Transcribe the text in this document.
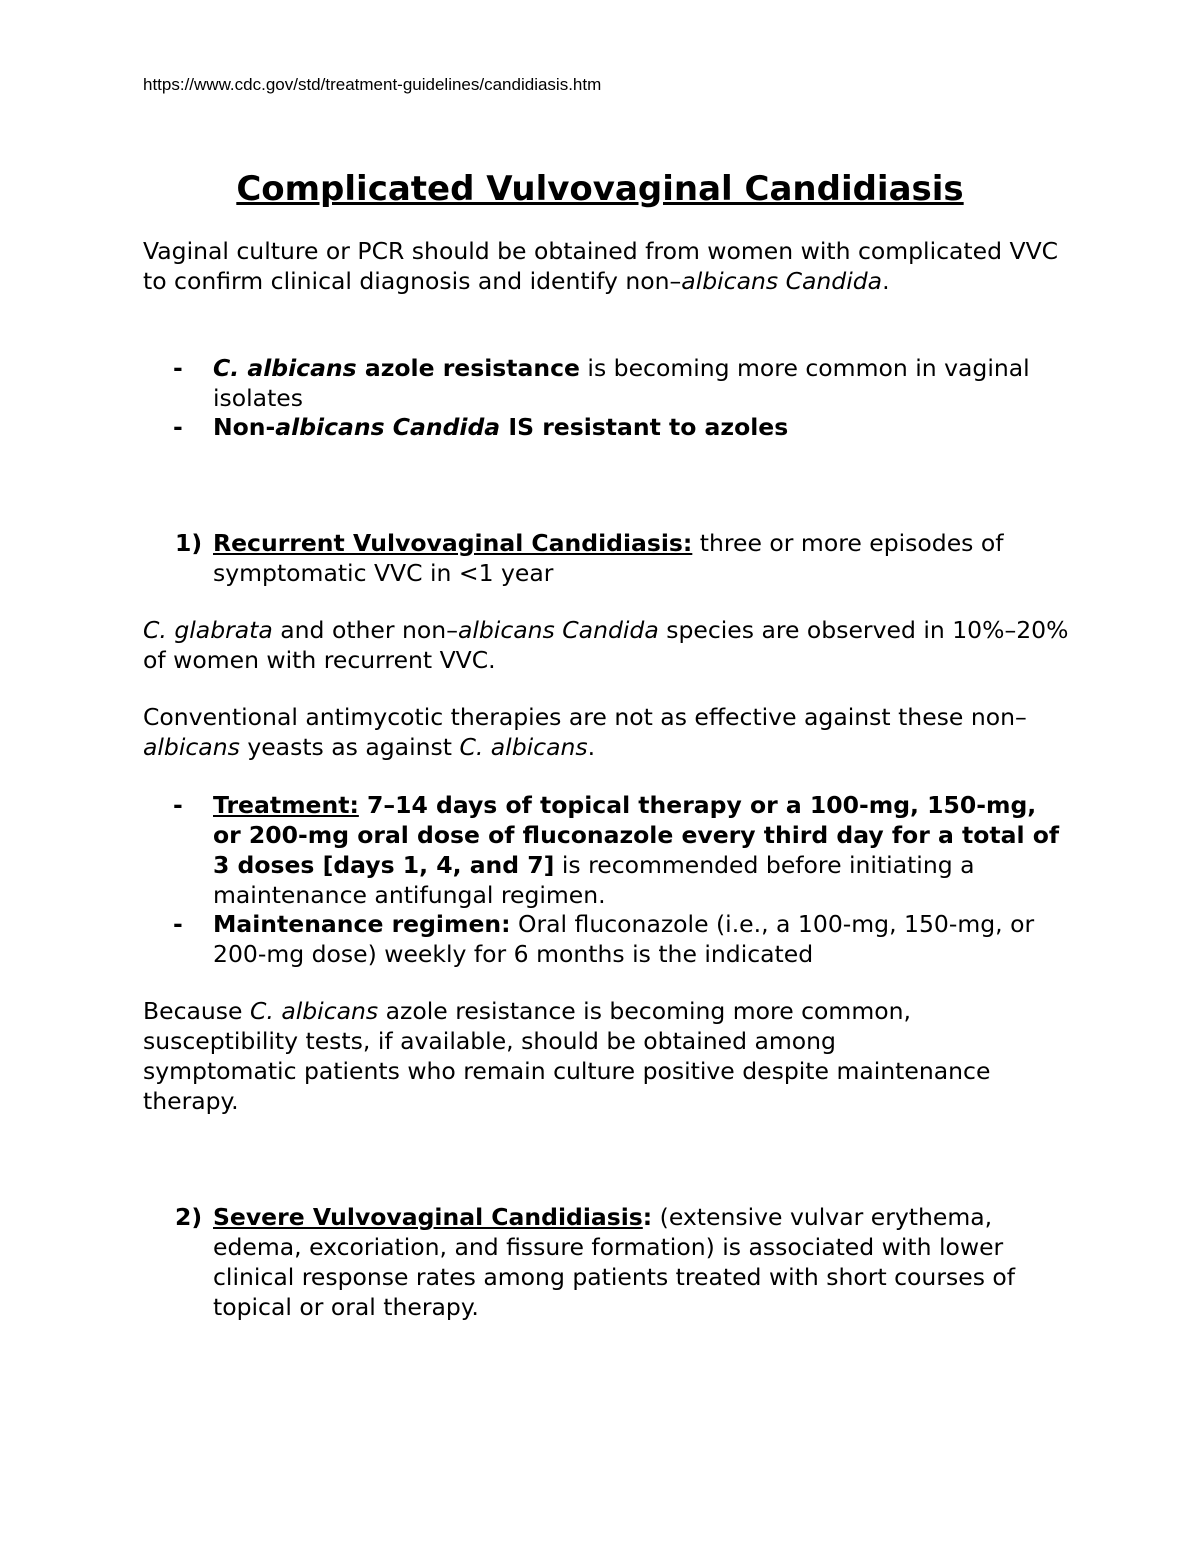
https://www.cdc.gov/std/treatment-guidelines/candidiasis.htm
Complicated Vulvovaginal Candidiasis

Vaginal culture or PCR should be obtained from women with complicated VVC to confirm clinical diagnosis and identify non–albicans Candida.

- C. albicans azole resistance is becoming more common in vaginal isolates

- Non-albicans Candida IS resistant to azoles

1) Recurrent Vulvovaginal Candidiasis: three or more episodes of symptomatic VVC in <1 year

C. glabrata and other non–albicans Candida species are observed in 10%–20% of women with recurrent VVC.

Conventional antimycotic therapies are not as effective against these non–albicans yeasts as against C. albicans.

- Treatment: 7–14 days of topical therapy or a 100-mg, 150-mg, or 200-mg oral dose of fluconazole every third day for a total of 3 doses [days 1, 4, and 7] is recommended before initiating a maintenance antifungal regimen.

- Maintenance regimen: Oral fluconazole (i.e., a 100-mg, 150-mg, or 200-mg dose) weekly for 6 months is the indicated

Because C. albicans azole resistance is becoming more common, susceptibility tests, if available, should be obtained among symptomatic patients who remain culture positive despite maintenance therapy.

2) Severe Vulvovaginal Candidiasis: (extensive vulvar erythema, edema, excoriation, and fissure formation) is associated with lower clinical response rates among patients treated with short courses of topical or oral therapy.
